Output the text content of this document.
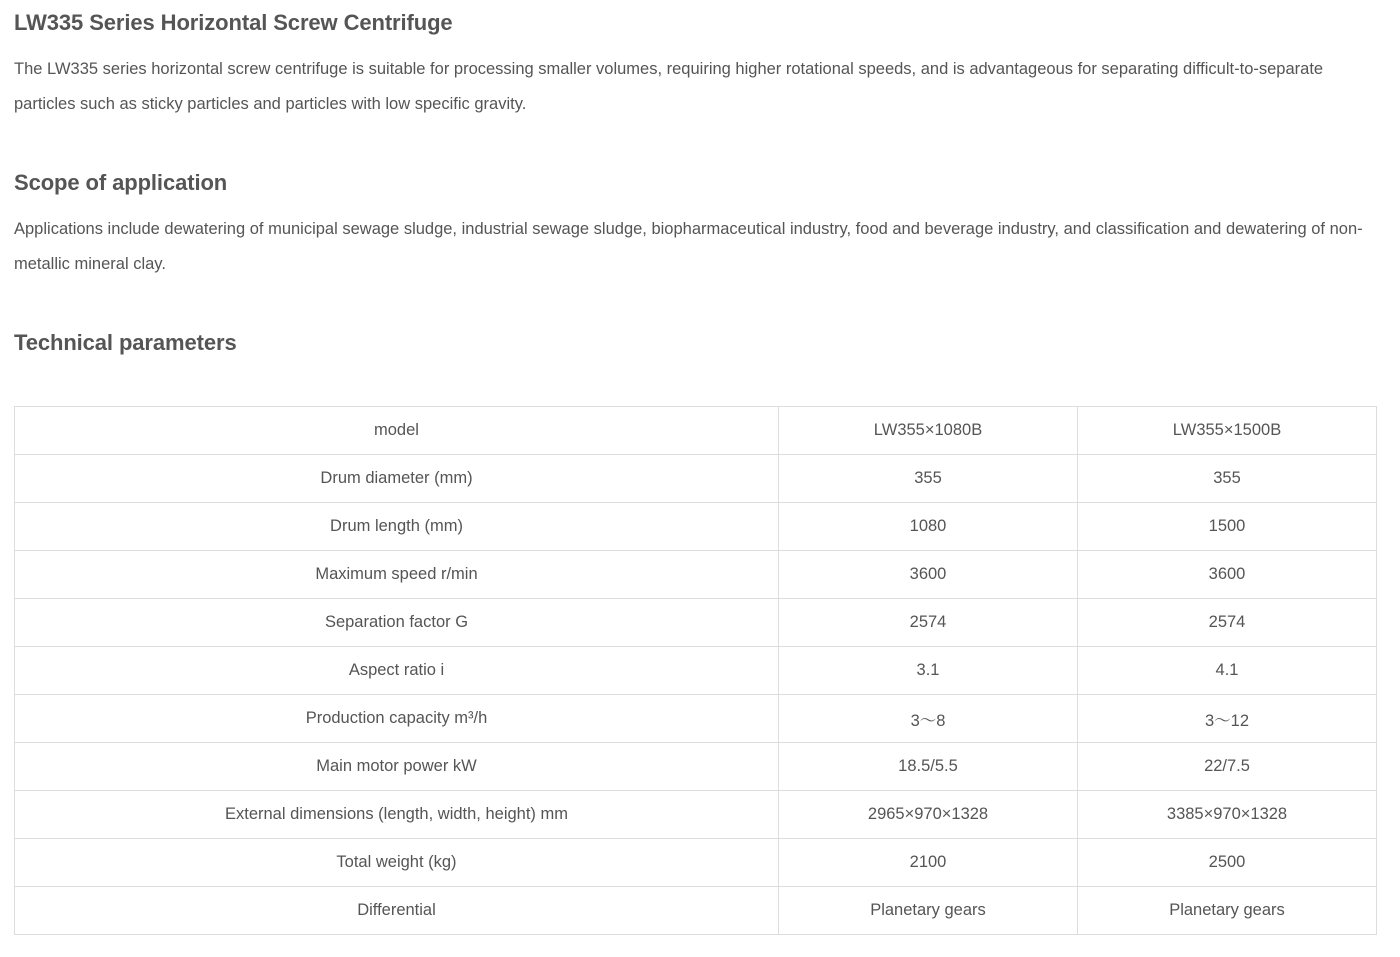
LW335 Series Horizontal Screw Centrifuge

The LW335 series horizontal screw centrifuge is suitable for processing smaller volumes, requiring higher rotational speeds, and is advantageous for separating difficult-to-separate particles such as sticky particles and particles with low specific gravity.

Scope of application

Applications include dewatering of municipal sewage sludge, industrial sewage sludge, biopharmaceutical industry, food and beverage industry, and classification and dewatering of non-metallic mineral clay.

Technical parameters
model	LW355×1080B	LW355×1500B
Drum diameter (mm)	355	355
Drum length (mm)	1080	1500
Maximum speed r/min	3600	3600
Separation factor G	2574	2574
Aspect ratio i	3.1	4.1
Production capacity m³/h	3～8	3～12
Main motor power kW	18.5/5.5	22/7.5
External dimensions (length, width, height) mm	2965×970×1328	3385×970×1328
Total weight (kg)	2100	2500
Differential	Planetary gears	Planetary gears
